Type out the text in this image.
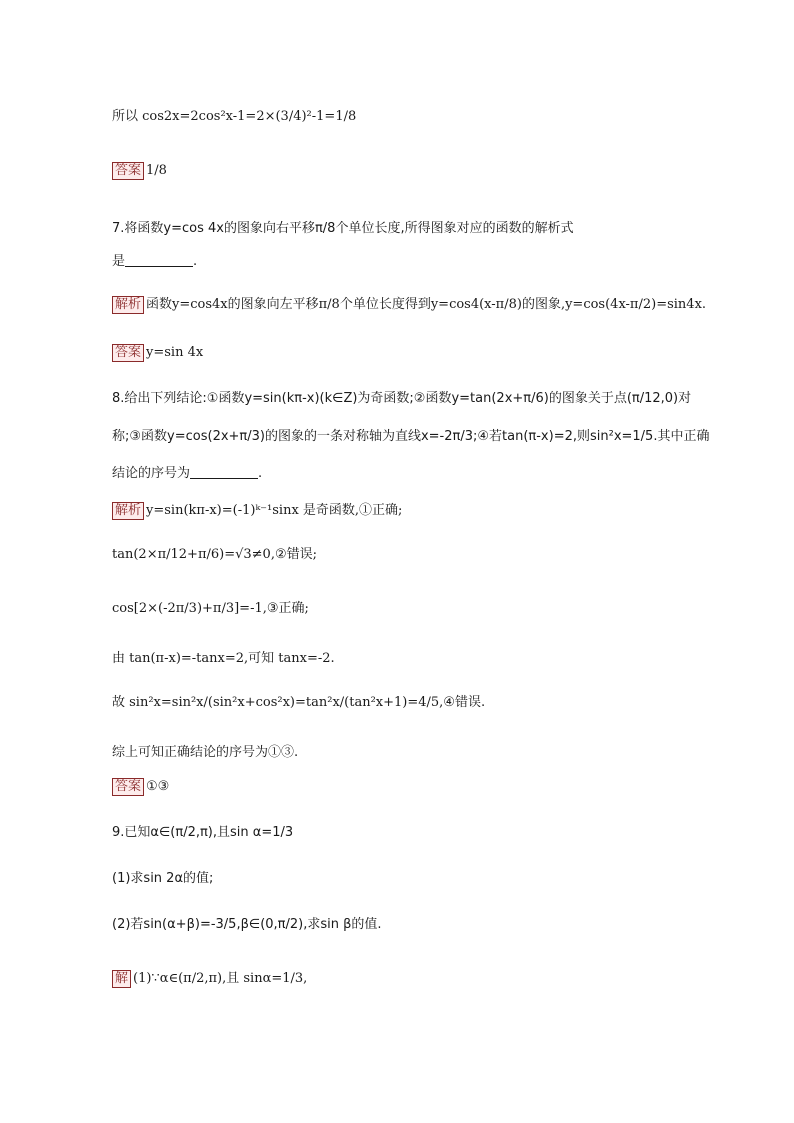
所以 cos2x=2cos²x-1=2×(3/4)²-1=1/8
答案 1/8
7.将函数y=cos 4x的图象向右平移π/8个单位长度,所得图象对应的函数的解析式
是	.
解析 函数y=cos4x的图象向左平移π/8个单位长度得到y=cos4(x-π/8)的图象,y=cos(4x-π/2)=sin4x.
答案 y=sin 4x
8.给出下列结论:①函数y=sin(kπ-x)(k∈Z)为奇函数;②函数y=tan(2x+π/6)的图象关于点(π/12,0)对
称;③函数y=cos(2x+π/3)的图象的一条对称轴为直线x=-2π/3;④若tan(π-x)=2,则sin²x=1/5.其中正确
结论的序号为	.
解析 y=sin(kπ-x)=(-1)ᵏ⁻¹sinx 是奇函数,①正确;
tan(2×π/12+π/6)=√3≠0,②错误;
cos[2×(-2π/3)+π/3]=-1,③正确;
由 tan(π-x)=-tanx=2,可知 tanx=-2.
故 sin²x=sin²x/(sin²x+cos²x)=tan²x/(tan²x+1)=4/5,④错误.
综上可知正确结论的序号为①③.
答案 ①③
9.已知α∈(π/2,π),且sin α=1/3
(1)求sin 2α的值;
(2)若sin(α+β)=-3/5,β∈(0,π/2),求sin β的值.
解 (1)∵α∈(π/2,π),且 sinα=1/3,
